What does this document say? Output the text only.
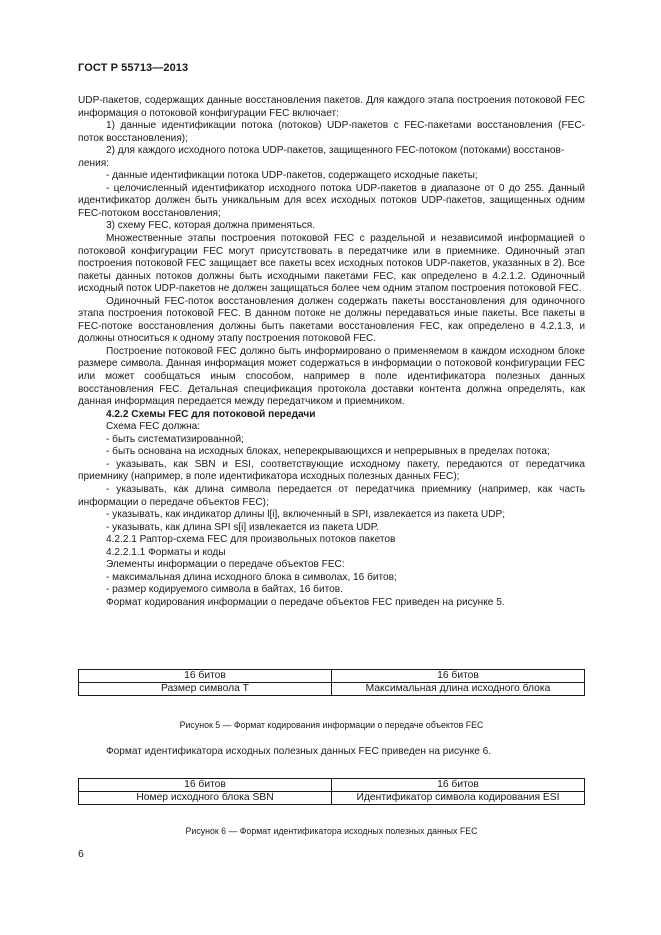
ГОСТ Р 55713—2013

UDP-пакетов, содержащих данные восстановления пакетов. Для каждого этапа построения потоковой FEC информация о потоковой конфигурации FEC включает:

1) данные идентификации потока (потоков) UDP-пакетов с FEC-пакетами восстановления (FEC-поток восстановления);

2) для каждого исходного потока UDP-пакетов, защищенного FEC-потоком (потоками) восстанов-

ления:

- данные идентификации потока UDP-пакетов, содержащего исходные пакеты;

- целочисленный идентификатор исходного потока UDP-пакетов в диапазоне от 0 до 255. Данный идентификатор должен быть уникальным для всех исходных потоков UDP-пакетов, защищенных одним FEC-потоком восстановления;

3) схему FEC, которая должна применяться.

Множественные этапы построения потоковой FEC с раздельной и независимой информацией о потоковой конфигурации FEC могут присутствовать в передатчике или в приемнике. Одиночный этап построения потоковой FEC защищает все пакеты всех исходных потоков UDP-пакетов, указанных в 2). Все пакеты данных потоков должны быть исходными пакетами FEC, как определено в 4.2.1.2. Одиночный исходный поток UDP-пакетов не должен защищаться более чем одним этапом построения потоковой FEC.

Одиночный FEC-поток восстановления должен содержать пакеты восстановления для одиночного этапа построения потоковой FEC. В данном потоке не должны передаваться иные пакеты. Все пакеты в FEC-потоке восстановления должны быть пакетами восстановления FEC, как определено в 4.2.1.3, и должны относиться к одному этапу построения потоковой FEC.

Построение потоковой FEC должно быть информировано о применяемом в каждом исходном блоке размере символа. Данная информация может содержаться в информации о потоковой конфигурации FEC или может сообщаться иным способом, например в поле идентификатора полезных данных восстановления FEC. Детальная спецификация протокола доставки контента должна определять, как данная информация передается между передатчиком и приемником.

4.2.2 Схемы FEC для потоковой передачи

Схема FEC должна:

- быть систематизированной;

- быть основана на исходных блоках, неперекрывающихся и непрерывных в пределах потока;

- указывать, как SBN и ESI, соответствующие исходному пакету, передаются от передатчика приемнику (например, в поле идентификатора исходных полезных данных FEC);

- указывать, как длина символа передается от передатчика приемнику (например, как часть информации о передаче объектов FEC);

- указывать, как индикатор длины l[i], включенный в SPI, извлекается из пакета UDP;

- указывать, как длина SPI s[i] извлекается из пакета UDP.

4.2.2.1 Раптор-схема FEC для произвольных потоков пакетов

4.2.2.1.1 Форматы и коды

Элементы информации о передаче объектов FEC:

- максимальная длина исходного блока в символах, 16 битов;

- размер кодируемого символа в байтах, 16 битов.

Формат кодирования информации о передаче объектов FEC приведен на рисунке 5.

16 битов	16 битов
Размер символа T	Максимальная длина исходного блока
Рисунок 5 — Формат кодирования информации о передаче объектов FEC
Формат идентификатора исходных полезных данных FEC приведен на рисунке 6.
16 битов	16 битов
Номер исходного блока SBN	Идентификатор символа кодирования ESI
Рисунок 6 — Формат идентификатора исходных полезных данных FEC
6
